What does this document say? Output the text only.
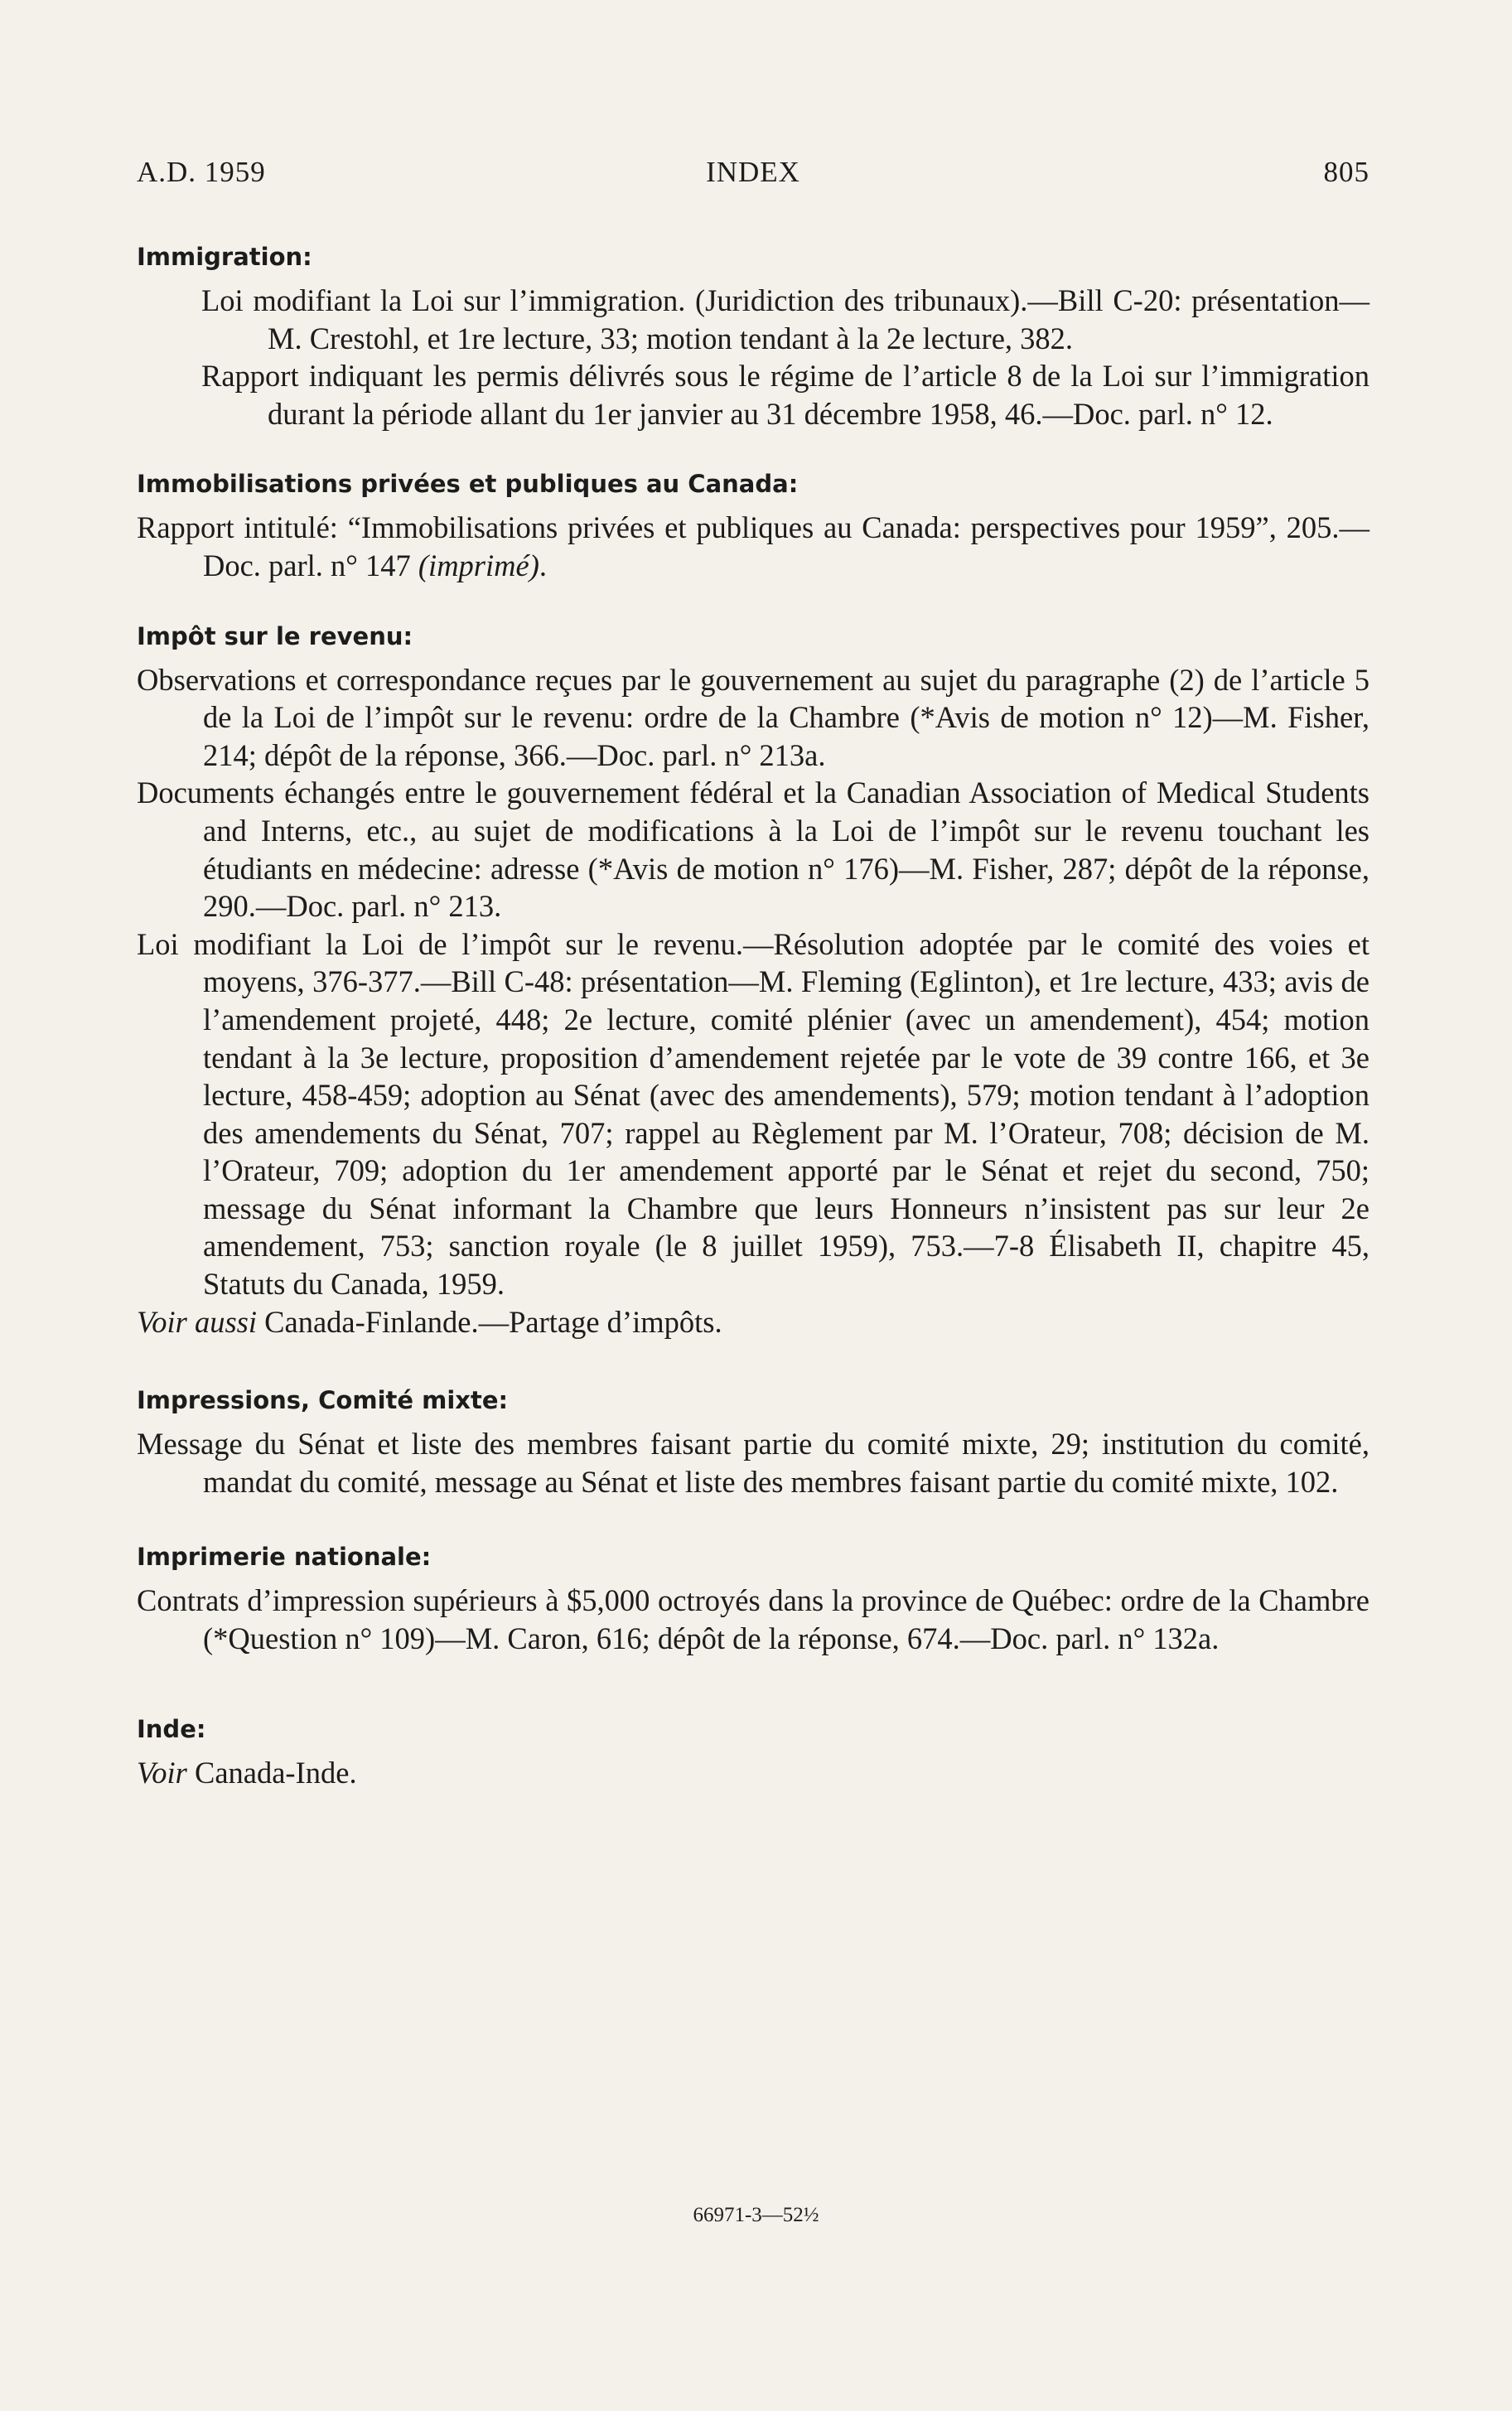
A.D. 1959	INDEX	805
Immigration:

Loi modifiant la Loi sur l’immigration. (Juridiction des tribunaux).—Bill C-20: présentation—M. Crestohl, et 1re lecture, 33; motion tendant à la 2e lecture, 382.

Rapport indiquant les permis délivrés sous le régime de l’article 8 de la Loi sur l’immigration durant la période allant du 1er janvier au 31 décembre 1958, 46.—Doc. parl. n° 12.

Immobilisations privées et publiques au Canada:

Rapport intitulé: “Immobilisations privées et publiques au Canada: perspectives pour 1959”, 205.—Doc. parl. n° 147 (imprimé).

Impôt sur le revenu:

Observations et correspondance reçues par le gouvernement au sujet du paragraphe (2) de l’article 5 de la Loi de l’impôt sur le revenu: ordre de la Chambre (*Avis de motion n° 12)—M. Fisher, 214; dépôt de la réponse, 366.—Doc. parl. n° 213a.

Documents échangés entre le gouvernement fédéral et la Canadian Association of Medical Students and Interns, etc., au sujet de modifications à la Loi de l’impôt sur le revenu touchant les étudiants en médecine: adresse (*Avis de motion n° 176)—M. Fisher, 287; dépôt de la réponse, 290.—Doc. parl. n° 213.

Loi modifiant la Loi de l’impôt sur le revenu.—Résolution adoptée par le comité des voies et moyens, 376-377.—Bill C-48: présentation—M. Fleming (Eglinton), et 1re lecture, 433; avis de l’amendement projeté, 448; 2e lecture, comité plénier (avec un amendement), 454; motion tendant à la 3e lecture, proposition d’amendement rejetée par le vote de 39 contre 166, et 3e lecture, 458-459; adoption au Sénat (avec des amendements), 579; motion tendant à l’adoption des amendements du Sénat, 707; rappel au Règlement par M. l’Orateur, 708; décision de M. l’Orateur, 709; adoption du 1er amendement apporté par le Sénat et rejet du second, 750; message du Sénat informant la Chambre que leurs Honneurs n’insistent pas sur leur 2e amendement, 753; sanction royale (le 8 juillet 1959), 753.—7-8 Élisabeth II, chapitre 45, Statuts du Canada, 1959.

Voir aussi Canada-Finlande.—Partage d’impôts.

Impressions, Comité mixte:

Message du Sénat et liste des membres faisant partie du comité mixte, 29; institution du comité, mandat du comité, message au Sénat et liste des membres faisant partie du comité mixte, 102.

Imprimerie nationale:

Contrats d’impression supérieurs à $5,000 octroyés dans la province de Québec: ordre de la Chambre (*Question n° 109)—M. Caron, 616; dépôt de la réponse, 674.—Doc. parl. n° 132a.

Inde:

Voir Canada-Inde.

66971-3—52½
